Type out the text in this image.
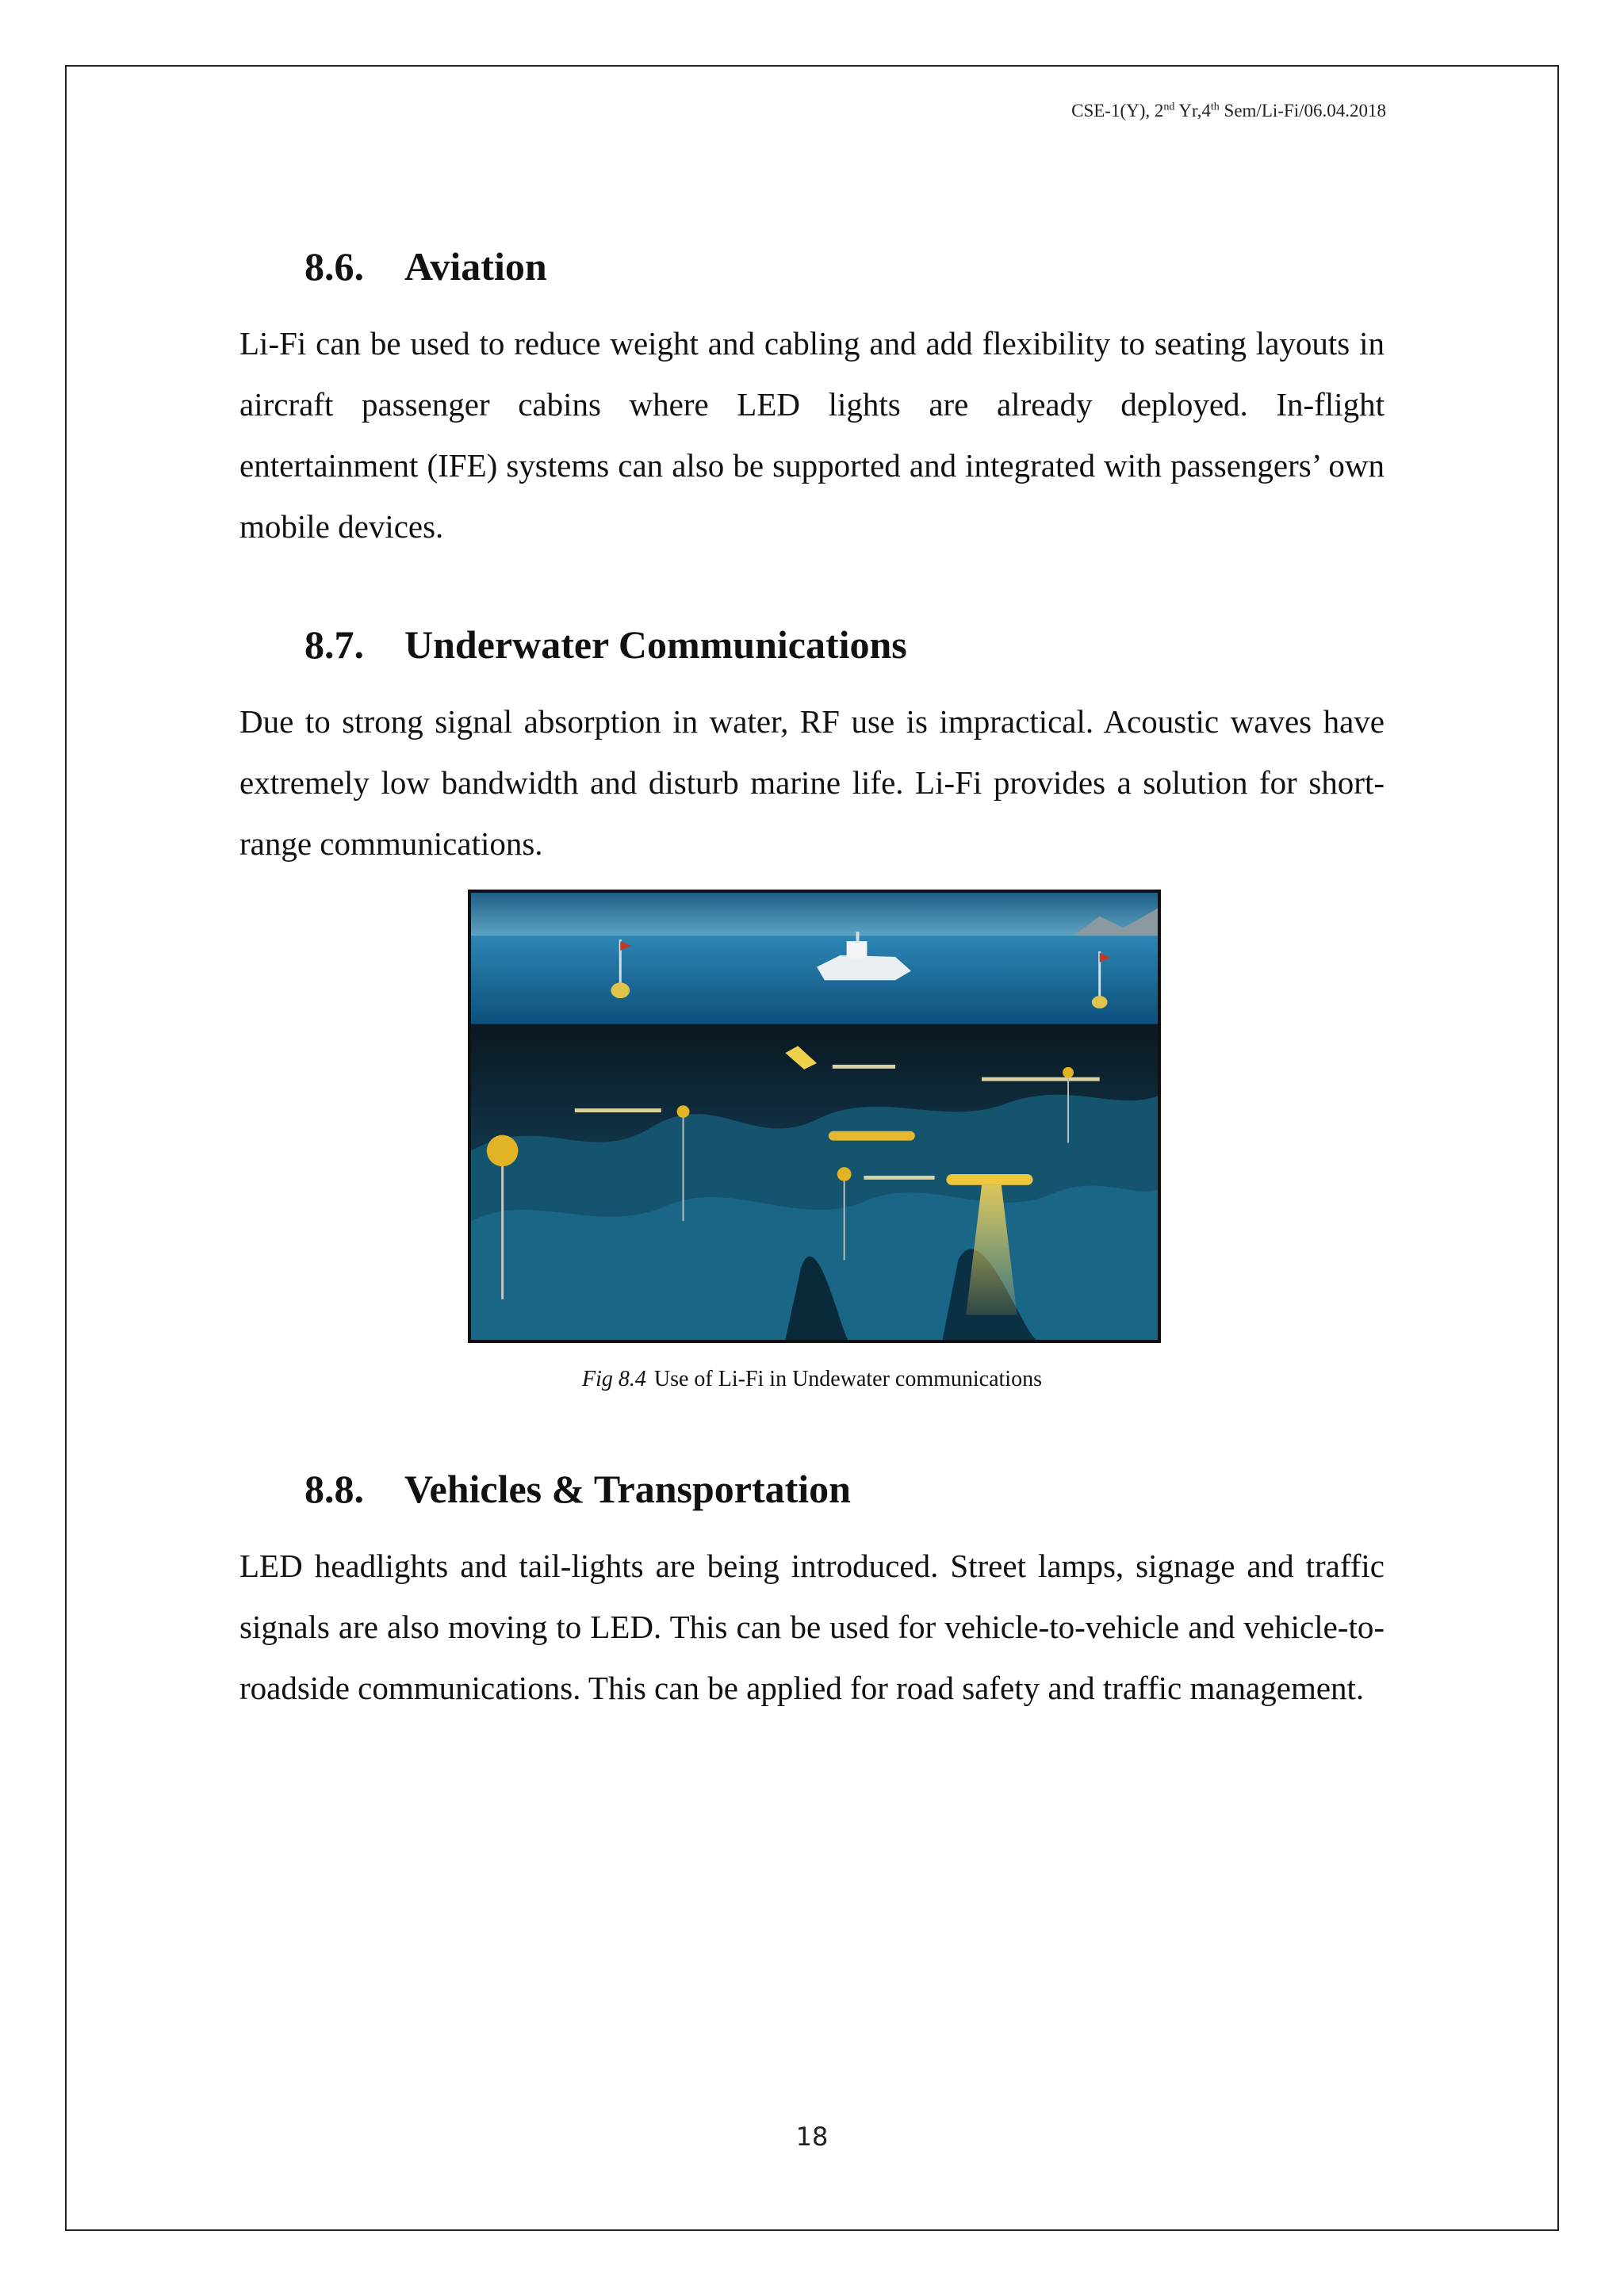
CSE-1(Y), 2nd Yr,4th Sem/Li-Fi/06.04.2018
8.6. Aviation

Li-Fi can be used to reduce weight and cabling and add flexibility to seating layouts in aircraft passenger cabins where LED lights are already deployed. In-flight entertainment (IFE) systems can also be supported and integrated with passengers’ own mobile devices.

8.7. Underwater Communications

Due to strong signal absorption in water, RF use is impractical. Acoustic waves have extremely low bandwidth and disturb marine life. Li-Fi provides a solution for short-range communications.

Fig 8.4 Use of Li-Fi in Undewater communications
8.8. Vehicles & Transportation

LED headlights and tail-lights are being introduced. Street lamps, signage and traffic signals are also moving to LED. This can be used for vehicle-to-vehicle and vehicle-to-roadside communications. This can be applied for road safety and traffic management.

18
